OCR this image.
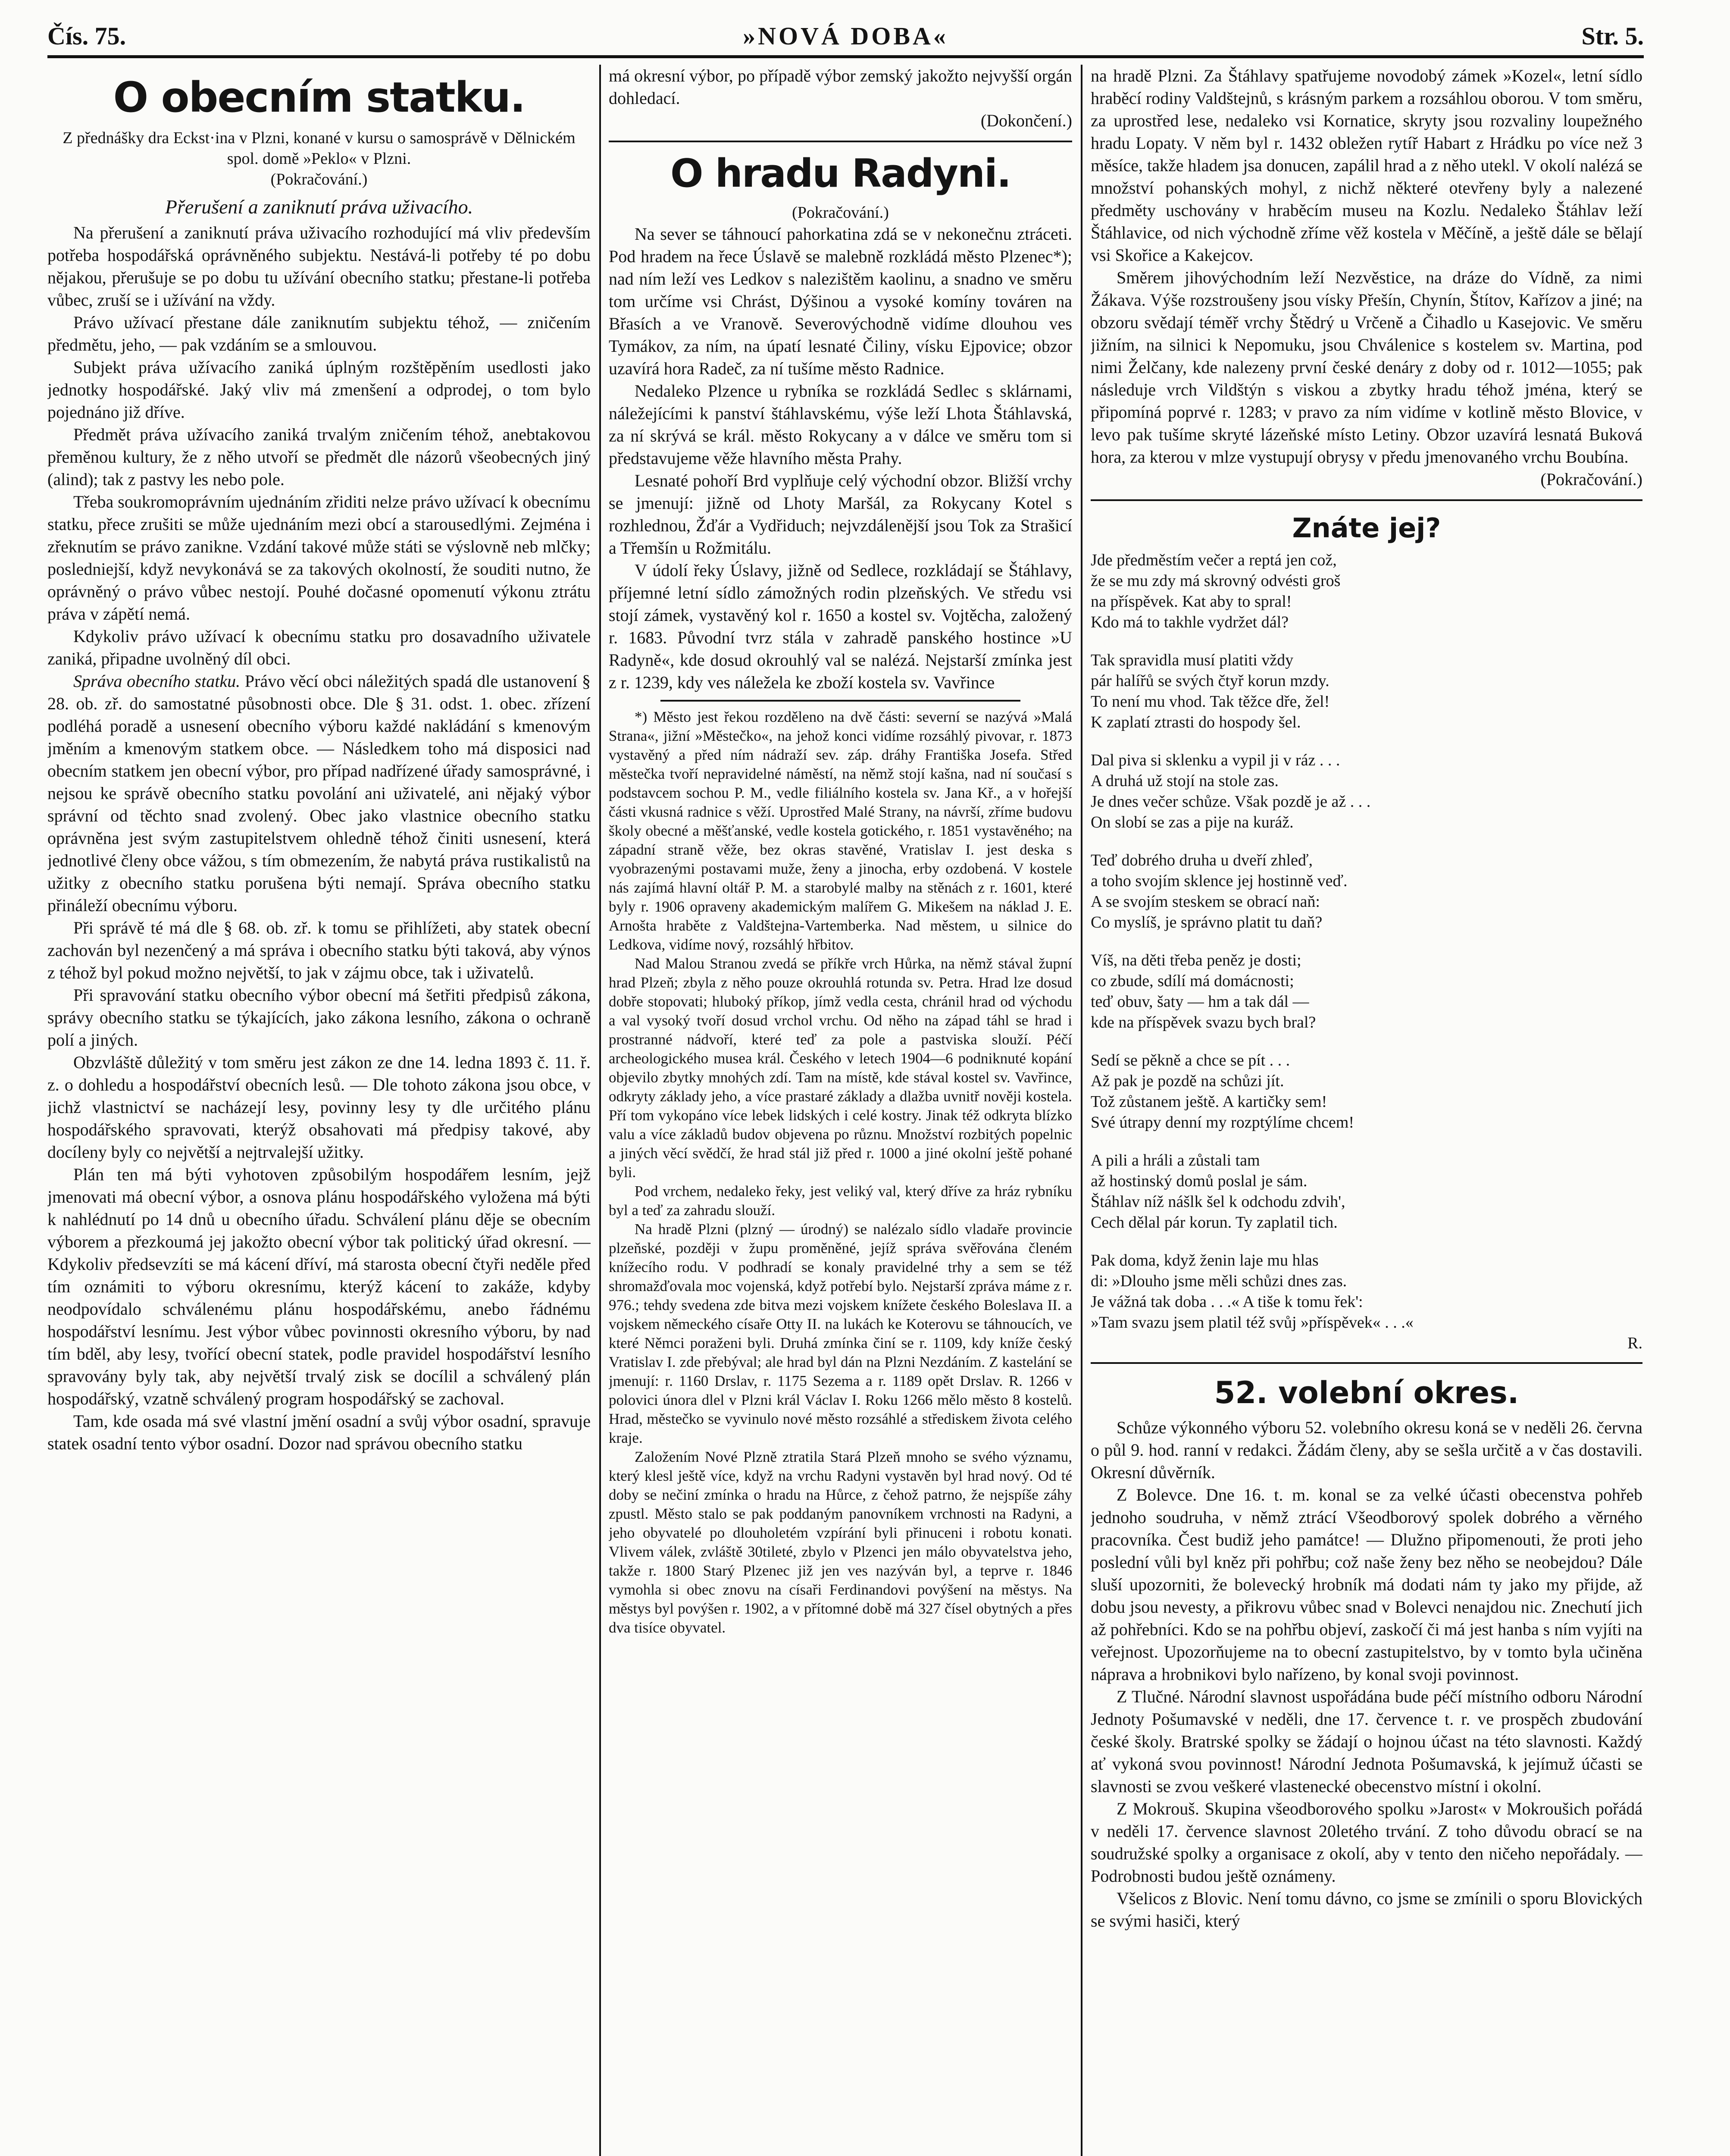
Čís. 75.	»NOVÁ DOBA«	Str. 5.
O obecním statku.

Z přednášky dra Eckst·ina v Plzni, konané v kursu o samosprávě v Dělnickém spol. domě »Peklo« v Plzni.

(Pokračování.)

Přerušení a zaniknutí práva uživacího.

Na přerušení a zaniknutí práva uživacího rozhodující má vliv především potřeba hospodářská oprávněného subjektu. Nestává-li potřeby té po dobu nějakou, přerušuje se po dobu tu užívání obecního statku; přestane-li potřeba vůbec, zruší se i užívání na vždy.

Právo užívací přestane dále zaniknutím subjektu téhož, — zničením předmětu, jeho, — pak vzdáním se a smlouvou.

Subjekt práva užívacího zaniká úplným rozštěpěním usedlosti jako jednotky hospodářské. Jaký vliv má zmenšení a odprodej, o tom bylo pojednáno již dříve.

Předmět práva užívacího zaniká trvalým zničením téhož, anebtakovou přeměnou kultury, že z něho utvoří se předmět dle názorů všeobecných jiný (alind); tak z pastvy les nebo pole.

Třeba soukromoprávním ujednáním zřiditi nelze právo užívací k obecnímu statku, přece zrušiti se může ujednáním mezi obcí a starousedlými. Zejména i zřeknutím se právo zanikne. Vzdání takové může státi se výslovně neb mlčky; posledniejší, když nevykonává se za takových okolností, že souditi nutno, že oprávněný o právo vůbec nestojí. Pouhé dočasné opomenutí výkonu ztrátu práva v zápětí nemá.

Kdykoliv právo užívací k obecnímu statku pro dosavadního uživatele zaniká, připadne uvolněný díl obci.

Správa obecního statku. Právo věcí obci náležitých spadá dle ustanovení § 28. ob. zř. do samostatné působnosti obce. Dle § 31. odst. 1. obec. zřízení podléhá poradě a usnesení obecního výboru každé nakládání s kmenovým jměním a kmenovým statkem obce. — Následkem toho má disposici nad obecním statkem jen obecní výbor, pro případ nadřízené úřady samosprávné, i nejsou ke správě obecního statku povolání ani uživatelé, ani nějaký výbor správní od těchto snad zvolený. Obec jako vlastnice obecního statku oprávněna jest svým zastupitelstvem ohledně téhož činiti usnesení, která jednotlivé členy obce vážou, s tím obmezením, že nabytá práva rustikalistů na užitky z obecního statku porušena býti nemají. Správa obecního statku přináleží obecnímu výboru.

Při správě té má dle § 68. ob. zř. k tomu se přihlížeti, aby statek obecní zachován byl nezenčený a má správa i obecního statku býti taková, aby výnos z téhož byl pokud možno největší, to jak v zájmu obce, tak i uživatelů.

Při spravování statku obecního výbor obecní má šetřiti předpisů zákona, správy obecního statku se týkajících, jako zákona lesního, zákona o ochraně polí a jiných.

Obzvláště důležitý v tom směru jest zákon ze dne 14. ledna 1893 č. 11. ř. z. o dohledu a hospodářství obecních lesů. — Dle tohoto zákona jsou obce, v jichž vlastnictví se nacházejí lesy, povinny lesy ty dle určitého plánu hospodářského spravovati, kterýž obsahovati má předpisy takové, aby docíleny byly co největší a nejtrvalejší užitky.

Plán ten má býti vyhotoven způsobilým hospodářem lesním, jejž jmenovati má obecní výbor, a osnova plánu hospodářského vyložena má býti k nahlédnutí po 14 dnů u obecního úřadu. Schválení plánu děje se obecním výborem a přezkoumá jej jakožto obecní výbor tak politický úřad okresní. — Kdykoliv předsevzíti se má kácení dříví, má starosta obecní čtyři neděle před tím oznámiti to výboru okresnímu, kterýž kácení to zakáže, kdyby neodpovídalo schválenému plánu hospodářskému, anebo řádnému hospodářství lesnímu. Jest výbor vůbec povinnosti okresního výboru, by nad tím bděl, aby lesy, tvořící obecní statek, podle pravidel hospodářství lesního spravovány byly tak, aby největší trvalý zisk se docílil a schválený plán hospodářský, vzatně schválený program hospodářský se zachoval.

Tam, kde osada má své vlastní jmění osadní a svůj výbor osadní, spravuje statek osadní tento výbor osadní. Dozor nad správou obecního statku

má okresní výbor, po případě výbor zemský jakožto nejvyšší orgán dohledací.

(Dokončení.)

O hradu Radyni.

(Pokračování.)

Na sever se táhnoucí pahorkatina zdá se v nekonečnu ztráceti. Pod hradem na řece Úslavě se malebně rozkládá město Plzenec*); nad ním leží ves Ledkov s nalezištěm kaolinu, a snadno ve směru tom určíme vsi Chrást, Dýšinou a vysoké komíny továren na Břasích a ve Vranově. Severovýchodně vidíme dlouhou ves Tymákov, za ním, na úpatí lesnaté Čiliny, vísku Ejpovice; obzor uzavírá hora Radeč, za ní tušíme město Radnice.

Nedaleko Plzence u rybníka se rozkládá Sedlec s sklárnami, náležejícími k panství štáhlavskému, výše leží Lhota Štáhlavská, za ní skrývá se král. město Rokycany a v dálce ve směru tom si představujeme věže hlavního města Prahy.

Lesnaté pohoří Brd vyplňuje celý východní obzor. Bližší vrchy se jmenují: jižně od Lhoty Maršál, za Rokycany Kotel s rozhlednou, Žďár a Vydřiduch; nejvzdálenější jsou Tok za Strašicí a Třemšín u Rožmitálu.

V údolí řeky Úslavy, jižně od Sedlece, rozkládají se Štáhlavy, příjemné letní sídlo zámožných rodin plzeňských. Ve středu vsi stojí zámek, vystavěný kol r. 1650 a kostel sv. Vojtěcha, založený r. 1683. Původní tvrz stála v zahradě panského hostince »U Radyně«, kde dosud okrouhlý val se nalézá. Nejstarší zmínka jest z r. 1239, kdy ves náležela ke zboží kostela sv. Vavřince

*) Město jest řekou rozděleno na dvě části: severní se nazývá »Malá Strana«, jižní »Městečko«, na jehož konci vidíme rozsáhlý pivovar, r. 1873 vystavěný a před ním nádraží sev. záp. dráhy Františka Josefa. Střed městečka tvoří nepravidelné náměstí, na němž stojí kašna, nad ní současí s podstavcem sochou P. M., vedle filiálního kostela sv. Jana Kř., a v hořejší části vkusná radnice s věží. Uprostřed Malé Strany, na návrší, zříme budovu školy obecné a měšťanské, vedle kostela gotického, r. 1851 vystavěného; na západní straně věže, bez okras stavěné, Vratislav I. jest deska s vyobrazenými postavami muže, ženy a jinocha, erby ozdobená. V kostele nás zajímá hlavní oltář P. M. a starobylé malby na stěnách z r. 1601, které byly r. 1906 opraveny akademickým malířem G. Mikešem na náklad J. E. Arnošta hraběte z Valdštejna-Vartemberka. Nad městem, u silnice do Ledkova, vidíme nový, rozsáhlý hřbitov.

Nad Malou Stranou zvedá se příkře vrch Hůrka, na němž stával župní hrad Plzeň; zbyla z něho pouze okrouhlá rotunda sv. Petra. Hrad lze dosud dobře stopovati; hluboký příkop, jímž vedla cesta, chránil hrad od východu a val vysoký tvoří dosud vrchol vrchu. Od něho na západ táhl se hrad i prostranné nádvoří, které teď za pole a pastviska slouží. Péčí archeologického musea král. Českého v letech 1904—6 podniknuté kopání objevilo zbytky mnohých zdí. Tam na místě, kde stával kostel sv. Vavřince, odkryty základy jeho, a více prastaré základy a dlažba uvnitř nověji kostela. Pří tom vykopáno více lebek lidských i celé kostry. Jinak též odkryta blízko valu a více základů budov objevena po různu. Množství rozbitých popelnic a jiných věcí svědčí, že hrad stál již před r. 1000 a jiné okolní ještě pohané byli.

Pod vrchem, nedaleko řeky, jest veliký val, který dříve za hráz rybníku byl a teď za zahradu slouží.

Na hradě Plzni (plzný — úrodný) se nalézalo sídlo vladaře provincie plzeňské, později v župu proměněné, jejíž správa svěřována členém knížecího rodu. V podhradí se konaly pravidelné trhy a sem se též shromažďovala moc vojenská, když potřebí bylo. Nejstarší zpráva máme z r. 976.; tehdy svedena zde bitva mezi vojskem knížete českého Boleslava II. a vojskem německého císaře Otty II. na lukách ke Koterovu se táhnoucích, ve které Němci poraženi byli. Druhá zmínka činí se r. 1109, kdy kníže český Vratislav I. zde přebýval; ale hrad byl dán na Plzni Nezdáním. Z kastelání se jmenují: r. 1160 Drslav, r. 1175 Sezema a r. 1189 opět Drslav. R. 1266 v polovici února dlel v Plzni král Václav I. Roku 1266 mělo město 8 kostelů. Hrad, městečko se vyvinulo nové město rozsáhlé a střediskem života celého kraje.

Založením Nové Plzně ztratila Stará Plzeň mnoho se svého významu, který klesl ještě více, když na vrchu Radyni vystavěn byl hrad nový. Od té doby se nečiní zmínka o hradu na Hůrce, z čehož patrno, že nejspíše záhy zpustl. Město stalo se pak poddaným panovníkem vrchnosti na Radyni, a jeho obyvatelé po dlouholetém vzpírání byli přinuceni i robotu konati. Vlivem válek, zvláště 30tileté, zbylo v Plzenci jen málo obyvatelstva jeho, takže r. 1800 Starý Plzenec již jen ves nazýván byl, a teprve r. 1846 vymohla si obec znovu na císaři Ferdinandovi povýšení na městys. Na městys byl povýšen r. 1902, a v přítomné době má 327 čísel obytných a přes dva tisíce obyvatel.

na hradě Plzni. Za Štáhlavy spatřujeme novodobý zámek »Kozel«, letní sídlo hraběcí rodiny Valdštejnů, s krásným parkem a rozsáhlou oborou. V tom směru, za uprostřed lese, nedaleko vsi Kornatice, skryty jsou rozvaliny loupežného hradu Lopaty. V něm byl r. 1432 obležen rytíř Habart z Hrádku po více než 3 měsíce, takže hladem jsa donucen, zapálil hrad a z něho utekl. V okolí nalézá se množství pohanských mohyl, z nichž některé otevřeny byly a nalezené předměty uschovány v hraběcím museu na Kozlu. Nedaleko Štáhlav leží Štáhlavice, od nich východně zříme věž kostela v Měčíně, a ještě dále se bělají vsi Skořice a Kakejcov.

Směrem jihovýchodním leží Nezvěstice, na dráze do Vídně, za nimi Žákava. Výše rozstroušeny jsou vísky Přešín, Chynín, Štítov, Kařízov a jiné; na obzoru svědají téměř vrchy Štědrý u Vrčeně a Čihadlo u Kasejovic. Ve směru jižním, na silnici k Nepomuku, jsou Chválenice s kostelem sv. Martina, pod nimi Želčany, kde nalezeny první české denáry z doby od r. 1012—1055; pak následuje vrch Vildštýn s viskou a zbytky hradu téhož jména, který se připomíná poprvé r. 1283; v pravo za ním vidíme v kotlině město Blovice, v levo pak tušíme skryté lázeňské místo Letiny. Obzor uzavírá lesnatá Buková hora, za kterou v mlze vystupují obrysy v předu jmenovaného vrchu Boubína.

(Pokračování.)

Znáte jej?

Jde předměstím večer a reptá jen což,

že se mu zdy má skrovný odvésti groš

na příspěvek. Kat aby to spral!

Kdo má to takhle vydržet dál?

Tak spravidla musí platiti vždy

pár halířů se svých čtyř korun mzdy.

To není mu vhod. Tak těžce dře, žel!

K zaplatí ztrasti do hospody šel.

Dal piva si sklenku a vypil ji v ráz . . .

A druhá už stojí na stole zas.

Je dnes večer schůze. Však pozdě je až . . .

On slobí se zas a pije na kuráž.

Teď dobrého druha u dveří zhleď,

a toho svojím sklence jej hostinně veď.

A se svojím steskem se obrací naň:

Co myslíš, je správno platit tu daň?

Víš, na děti třeba peněz je dosti;

co zbude, sdílí má domácnosti;

teď obuv, šaty — hm a tak dál —

kde na příspěvek svazu bych bral?

Sedí se pěkně a chce se pít . . .

Až pak je pozdě na schůzi jít.

Tož zůstanem ještě. A kartičky sem!

Své útrapy denní my rozptýlíme chcem!

A pili a hráli a zůstali tam

až hostinský domů poslal je sám.

Štáhlav níž nášlk šel k odchodu zdvih',

Cech dělal pár korun. Ty zaplatil tich.

Pak doma, když ženin laje mu hlas

di: »Dlouho jsme měli schůzi dnes zas.

Je vážná tak doba . . .« A tiše k tomu řek':

»Tam svazu jsem platil též svůj »příspěvek« . . .«

R.

52. volební okres.

Schůze výkonného výboru 52. volebního okresu koná se v neděli 26. června o půl 9. hod. ranní v redakci. Žádám členy, aby se sešla určitě a v čas dostavili. Okresní důvěrník.

Z Bolevce. Dne 16. t. m. konal se za velké účasti obecenstva pohřeb jednoho soudruha, v němž ztrácí Všeodborový spolek dobrého a věrného pracovníka. Čest budiž jeho památce! — Dlužno připomenouti, že proti jeho poslední vůli byl kněz při pohřbu; což naše ženy bez něho se neobejdou? Dále sluší upozorniti, že bolevecký hrobník má dodati nám ty jako my přijde, až dobu jsou nevesty, a přikrovu vůbec snad v Bolevci nenajdou nic. Znechutí jich až pohřebníci. Kdo se na pohřbu objeví, zaskočí či má jest hanba s ním vyjíti na veřejnost. Upozorňujeme na to obecní zastupitelstvo, by v tomto byla učiněna náprava a hrobnikovi bylo nařízeno, by konal svoji povinnost.

Z Tlučné. Národní slavnost uspořádána bude péčí místního odboru Národní Jednoty Pošumavské v neděli, dne 17. července t. r. ve prospěch zbudování české školy. Bratrské spolky se žádají o hojnou účast na této slavnosti. Každý ať vykoná svou povinnost! Národní Jednota Pošumavská, k jejímuž účasti se slavnosti se zvou veškeré vlastenecké obecenstvo místní i okolní.

Z Mokrouš. Skupina všeodborového spolku »Jarost« v Mokroušich pořádá v neděli 17. července slavnost 20letého trvání. Z toho důvodu obrací se na soudružské spolky a organisace z okolí, aby v tento den ničeho nepořádaly. — Podrobnosti budou ještě oznámeny.

Všelicos z Blovic. Není tomu dávno, co jsme se zmínili o sporu Blovických se svými hasiči, který
